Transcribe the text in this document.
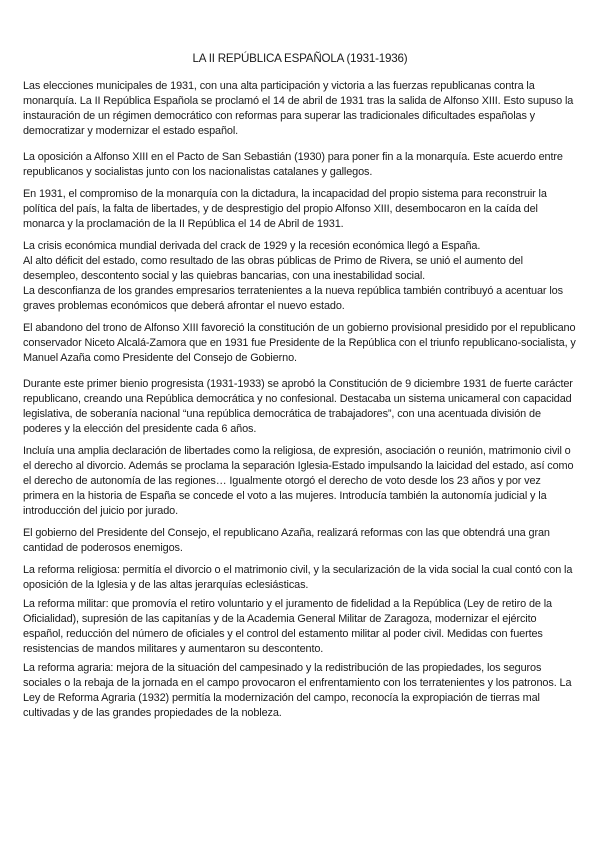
LA II REPÚBLICA ESPAÑOLA (1931-1936)

Las elecciones municipales de 1931, con una alta participación y victoria a las fuerzas republicanas contra la monarquía. La II República Española se proclamó el 14 de abril de 1931 tras la salida de Alfonso XIII. Esto supuso la instauración de un régimen democrático con reformas para superar las tradicionales dificultades españolas y democratizar y modernizar el estado español.

La oposición a Alfonso XIII en el Pacto de San Sebastián (1930) para poner fin a la monarquía. Este acuerdo entre republicanos y socialistas junto con los nacionalistas catalanes y gallegos.

En 1931, el compromiso de la monarquía con la dictadura, la incapacidad del propio sistema para reconstruir la política del país, la falta de libertades, y de desprestigio del propio Alfonso XIII, desembocaron en la caída del monarca y la proclamación de la II República el 14 de Abril de 1931.

La crisis económica mundial derivada del crack de 1929 y la recesión económica llegó a España.

Al alto déficit del estado, como resultado de las obras públicas de Primo de Rivera, se unió el aumento del desempleo, descontento social y las quiebras bancarias, con una inestabilidad social.

La desconfianza de los grandes empresarios terratenientes a la nueva república también contribuyó a acentuar los graves problemas económicos que deberá afrontar el nuevo estado.

El abandono del trono de Alfonso XIII favoreció la constitución de un gobierno provisional presidido por el republicano conservador Niceto Alcalá-Zamora que en 1931 fue Presidente de la República con el triunfo republicano-socialista, y Manuel Azaña como Presidente del Consejo de Gobierno.

Durante este primer bienio progresista (1931-1933) se aprobó la Constitución de 9 diciembre 1931 de fuerte carácter republicano, creando una República democrática y no confesional. Destacaba un sistema unicameral con capacidad legislativa, de soberanía nacional “una república democrática de trabajadores”, con una acentuada división de poderes y la elección del presidente cada 6 años.

Incluía una amplia declaración de libertades como la religiosa, de expresión, asociación o reunión, matrimonio civil o el derecho al divorcio. Además se proclama la separación Iglesia-Estado impulsando la laicidad del estado, así como el derecho de autonomía de las regiones… Igualmente otorgó el derecho de voto desde los 23 años y por vez primera en la historia de España se concede el voto a las mujeres. Introducía también la autonomía judicial y la introducción del juicio por jurado.

El gobierno del Presidente del Consejo, el republicano Azaña, realizará reformas con las que obtendrá una gran cantidad de poderosos enemigos.

La reforma religiosa: permitía el divorcio o el matrimonio civil, y la secularización de la vida social la cual contó con la oposición de la Iglesia y de las altas jerarquías eclesiásticas.

La reforma militar: que promovía el retiro voluntario y el juramento de fidelidad a la República (Ley de retiro de la Oficialidad), supresión de las capitanías y de la Academia General Militar de Zaragoza, modernizar el ejército español, reducción del número de oficiales y el control del estamento militar al poder civil. Medidas con fuertes resistencias de mandos militares y aumentaron su descontento.

La reforma agraria: mejora de la situación del campesinado y la redistribución de las propiedades, los seguros sociales o la rebaja de la jornada en el campo provocaron el enfrentamiento con los terratenientes y los patronos. La Ley de Reforma Agraria (1932) permitía la modernización del campo, reconocía la expropiación de tierras mal cultivadas y de las grandes propiedades de la nobleza.
